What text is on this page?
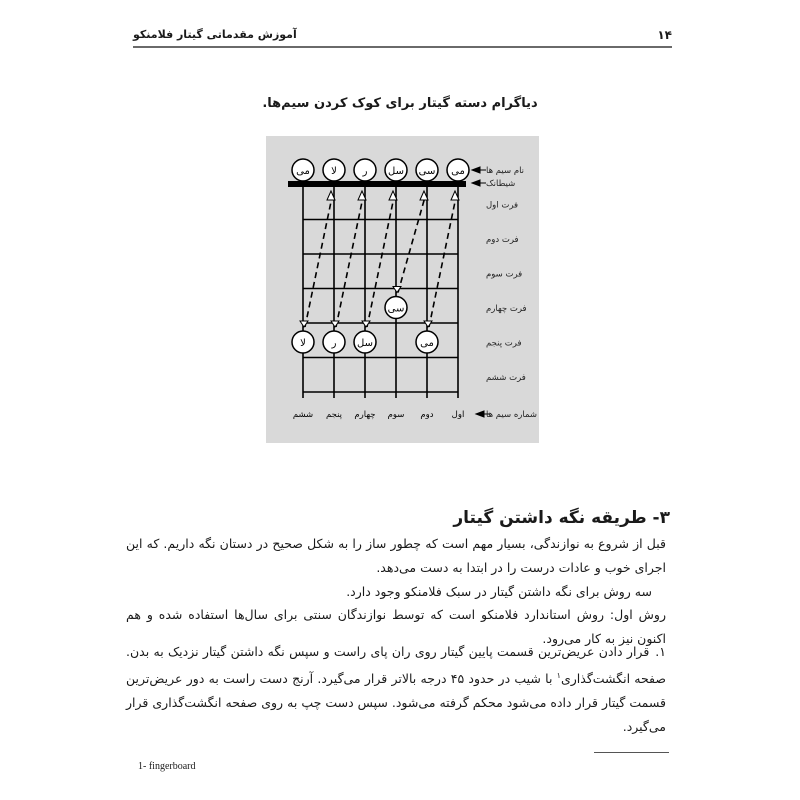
۱۴
آموزش مقدماتی گیتار فلامنکو
دیاگرام دسته گیتار برای کوک کردن سیم‌ها.
می لا	ر سل سی می
لا	ر سل
سی
می
نام سیم ها
شیطانک
فرت اول
فرت دوم
فرت سوم
فرت چهارم
فرت پنجم
فرت ششم
ششم پنجم چهارم سوم دوم اول	شماره سیم ها
۳- طریقه نگه داشتن گیتار
قبل از شروع به نوازندگی، بسیار مهم است که چطور ساز را به شکل صحیح در دستان نگه داریم. که این اجرای خوب و عادات درست را در ابتدا به دست می‌دهد.
سه روش برای نگه داشتن گیتار در سبک فلامنکو وجود دارد.
روش اول: روش استاندارد فلامنکو است که توسط نوازندگان سنتی برای سال‌ها استفاده شده و هم اکنون نیز به کار می‌رود.
۱.قرار دادن عریض‌ترین قسمت پایین گیتار روی ران پای راست و سپس نگه داشتن گیتار نزدیک به بدن. صفحه انگشت‌گذاری$^۱$ با شیب در حدود ۴۵ درجه بالاتر قرار می‌گیرد. آرنج دست راست به دور عریض‌ترین قسمت گیتار قرار داده می‌شود محکم گرفته می‌شود. سپس دست چپ به روی صفحه انگشت‌گذاری قرار می‌گیرد.
1- fingerboard
